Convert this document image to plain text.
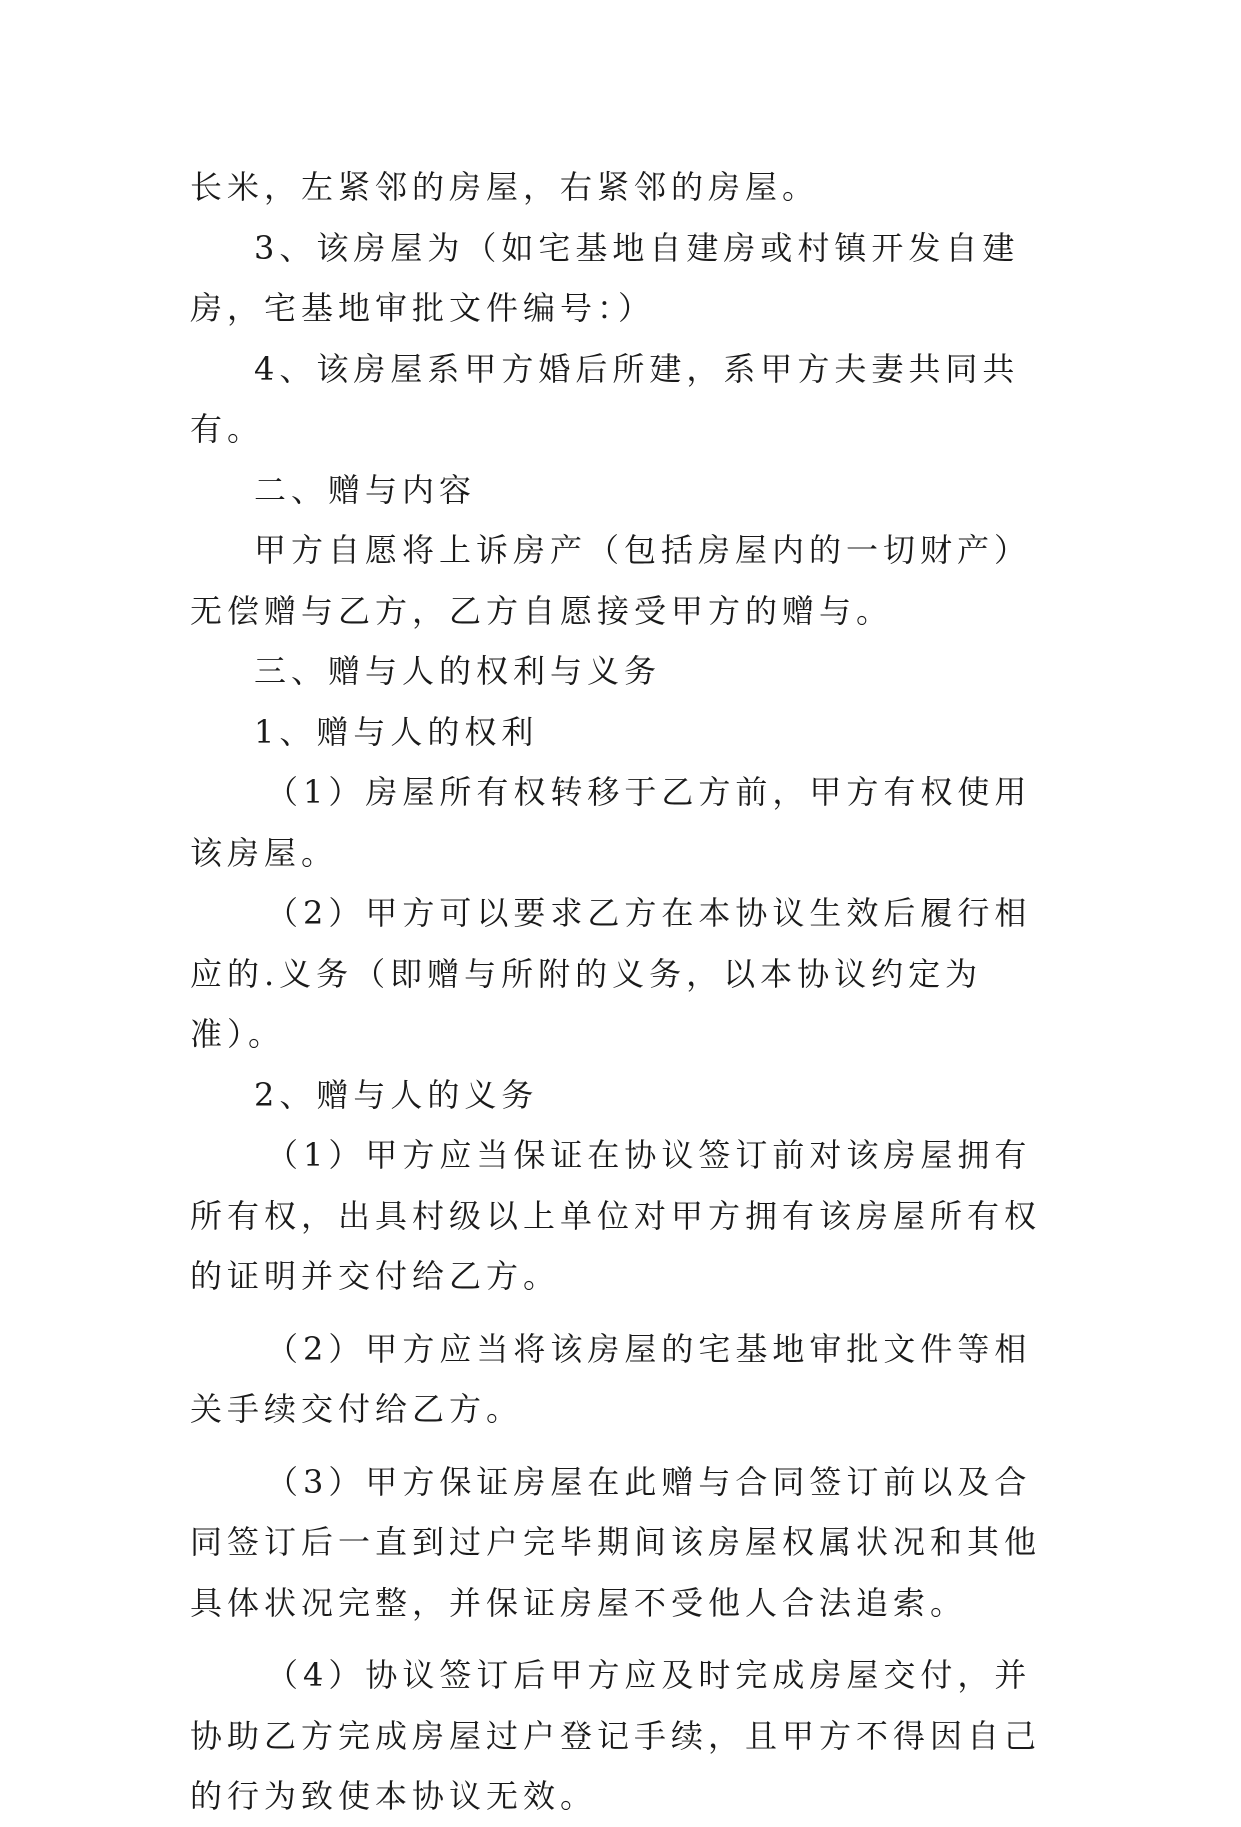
长米，左紧邻的房屋，右紧邻的房屋。

3、该房屋为（如宅基地自建房或村镇开发自建房，宅基地审批文件编号：）

4、该房屋系甲方婚后所建，系甲方夫妻共同共有。

二、赠与内容

甲方自愿将上诉房产（包括房屋内的一切财产）无偿赠与乙方，乙方自愿接受甲方的赠与。

三、赠与人的权利与义务

1、赠与人的权利

（1）房屋所有权转移于乙方前，甲方有权使用该房屋。

（2）甲方可以要求乙方在本协议生效后履行相应的.义务（即赠与所附的义务，以本协议约定为准）。

2、赠与人的义务

（1）甲方应当保证在协议签订前对该房屋拥有所有权，出具村级以上单位对甲方拥有该房屋所有权的证明并交付给乙方。

（2）甲方应当将该房屋的宅基地审批文件等相关手续交付给乙方。

（3）甲方保证房屋在此赠与合同签订前以及合同签订后一直到过户完毕期间该房屋权属状况和其他具体状况完整，并保证房屋不受他人合法追索。

（4）协议签订后甲方应及时完成房屋交付，并协助乙方完成房屋过户登记手续，且甲方不得因自己的行为致使本协议无效。
